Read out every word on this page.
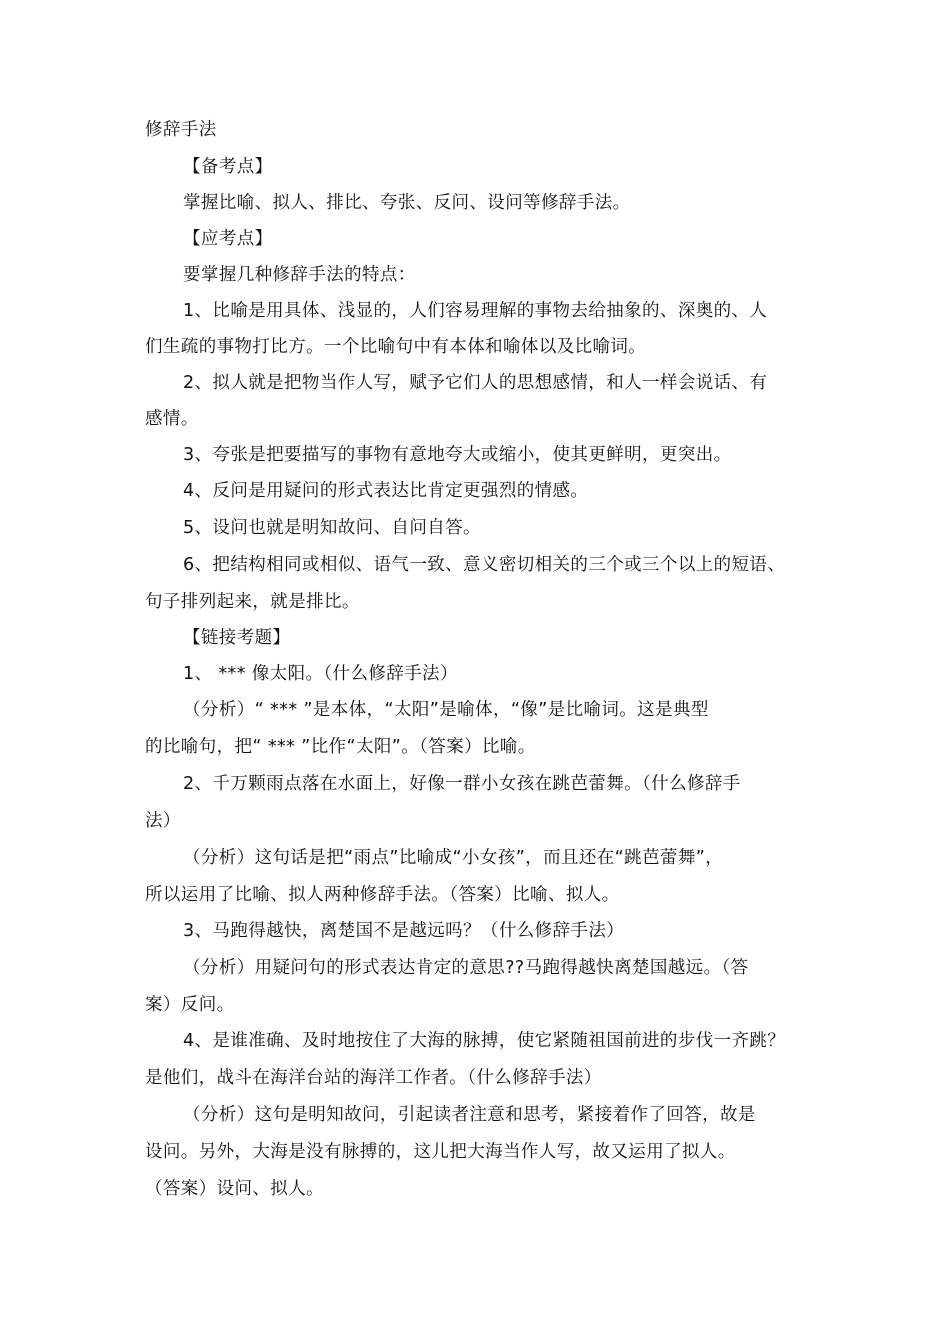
修辞手法
【备考点】
掌握比喻、拟人、排比、夸张、反问、设问等修辞手法。
【应考点】
要掌握几种修辞手法的特点：
1、比喻是用具体、浅显的，人们容易理解的事物去给抽象的、深奥的、人
们生疏的事物打比方。一个比喻句中有本体和喻体以及比喻词。
2、拟人就是把物当作人写，赋予它们人的思想感情，和人一样会说话、有
感情。
3、夸张是把要描写的事物有意地夸大或缩小，使其更鲜明，更突出。
4、反问是用疑问的形式表达比肯定更强烈的情感。
5、设问也就是明知故问、自问自答。
6、把结构相同或相似、语气一致、意义密切相关的三个或三个以上的短语、
句子排列起来，就是排比。
【链接考题】
1、 *** 像太阳。（什么修辞手法）
（分析）“ *** ”是本体，“太阳”是喻体，“像”是比喻词。这是典型
的比喻句，把“ *** ”比作“太阳”。（答案）比喻。
2、千万颗雨点落在水面上，好像一群小女孩在跳芭蕾舞。（什么修辞手
法）
（分析）这句话是把“雨点”比喻成“小女孩”，而且还在“跳芭蕾舞”，
所以运用了比喻、拟人两种修辞手法。（答案）比喻、拟人。
3、马跑得越快，离楚国不是越远吗？（什么修辞手法）
（分析）用疑问句的形式表达肯定的意思??马跑得越快离楚国越远。（答
案）反问。
4、是谁准确、及时地按住了大海的脉搏，使它紧随祖国前进的步伐一齐跳？
是他们，战斗在海洋台站的海洋工作者。（什么修辞手法）
（分析）这句是明知故问，引起读者注意和思考，紧接着作了回答，故是
设问。另外，大海是没有脉搏的，这儿把大海当作人写，故又运用了拟人。
（答案）设问、拟人。
